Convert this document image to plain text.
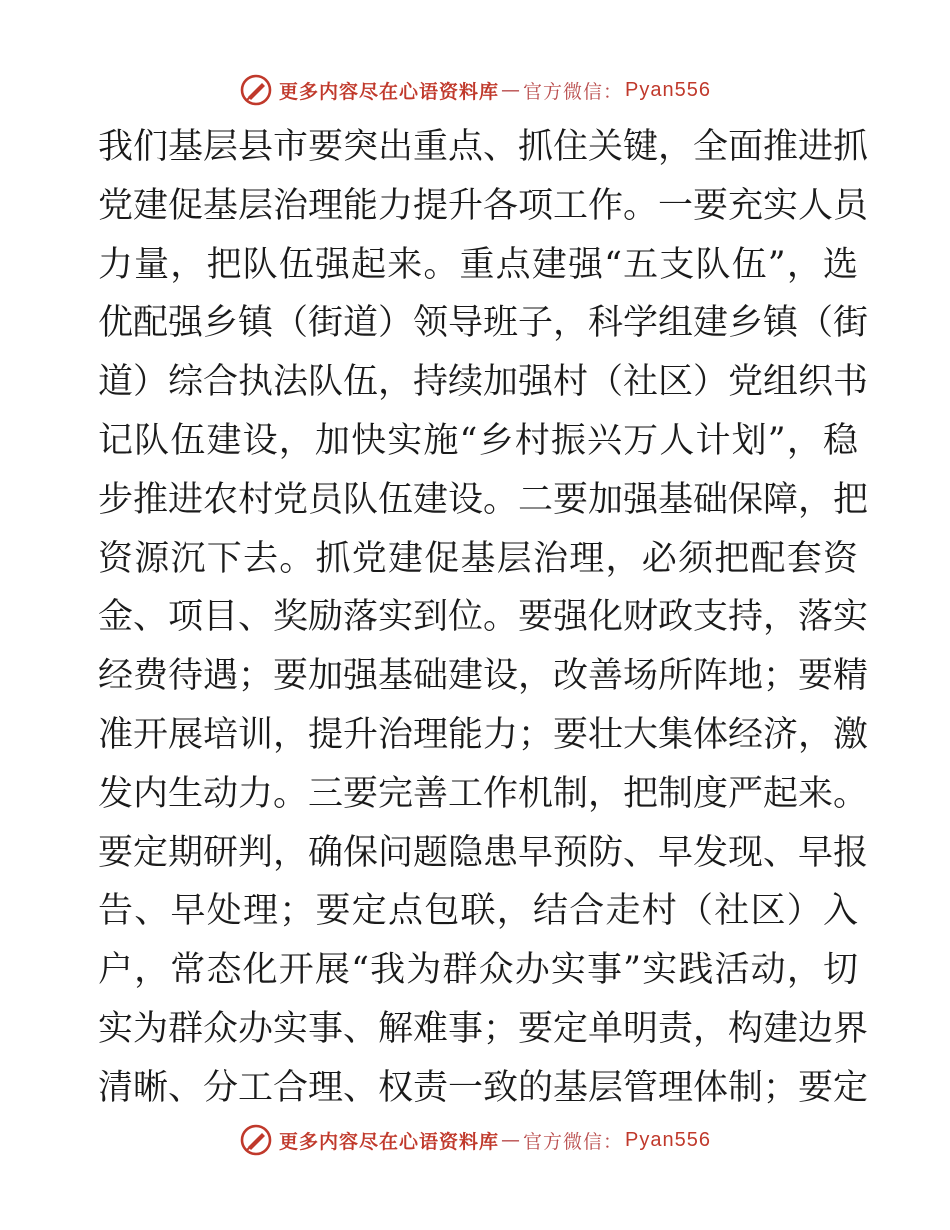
更多内容尽在心语资料库 — 官方微信： Pyan556
我们基层县市要突出重点、抓住关键，全面推进抓
党建促基层治理能力提升各项工作。一要充实人员
力量，把队伍强起来。重点建强“五支队伍”，选
优配强乡镇（街道）领导班子，科学组建乡镇（街
道）综合执法队伍，持续加强村（社区）党组织书
记队伍建设，加快实施“乡村振兴万人计划”，稳
步推进农村党员队伍建设。二要加强基础保障，把
资源沉下去。抓党建促基层治理，必须把配套资
金、项目、奖励落实到位。要强化财政支持，落实
经费待遇；要加强基础建设，改善场所阵地；要精
准开展培训，提升治理能力；要壮大集体经济，激
发内生动力。三要完善工作机制，把制度严起来。
要定期研判，确保问题隐患早预防、早发现、早报
告、早处理；要定点包联，结合走村（社区）入
户，常态化开展“我为群众办实事”实践活动，切
实为群众办实事、解难事；要定单明责，构建边界
清晰、分工合理、权责一致的基层管理体制；要定
更多内容尽在心语资料库 — 官方微信： Pyan556
